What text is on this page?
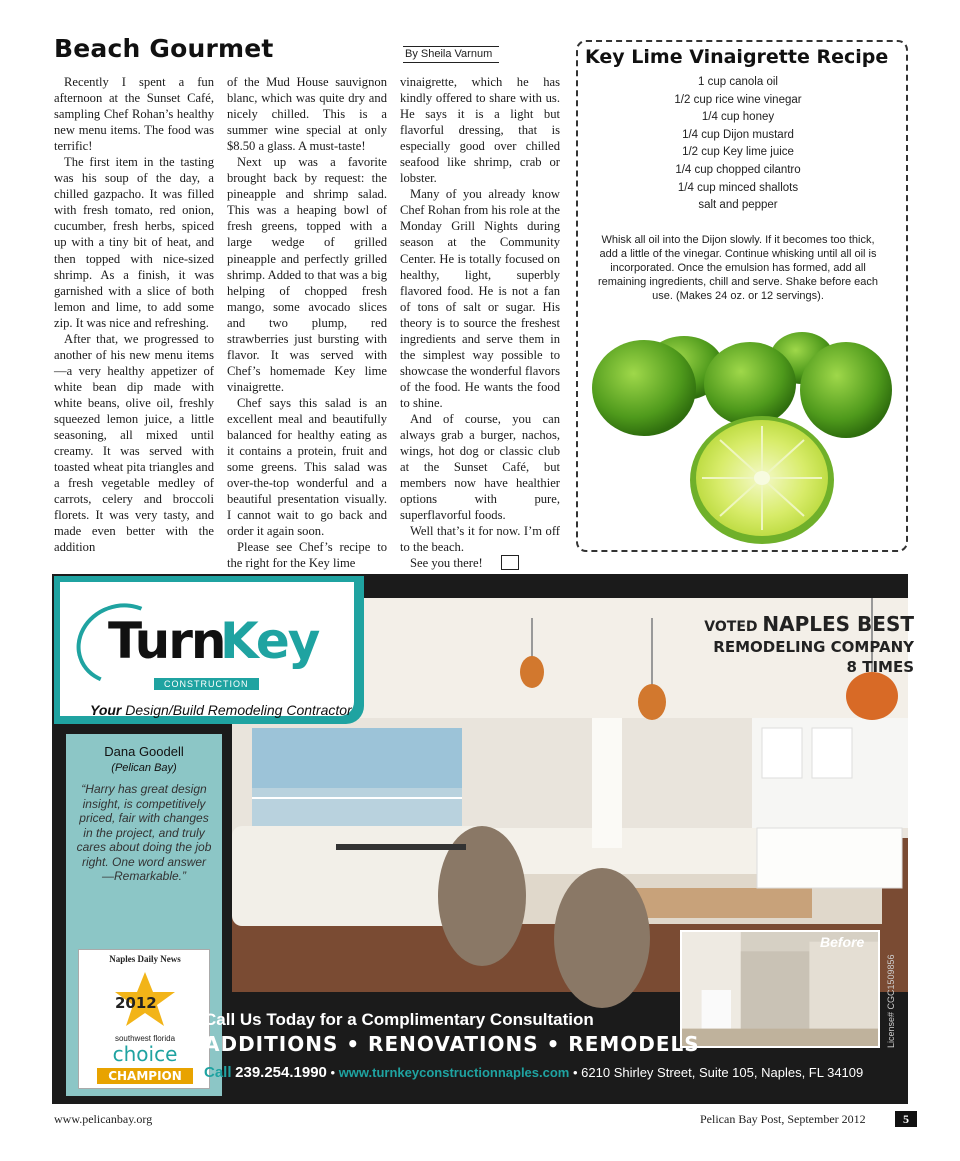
Beach Gourmet	By Sheila Varnum

Recently I spent a fun afternoon at the Sunset Café, sampling Chef Rohan’s healthy new menu items. The food was terrific!

The first item in the tasting was his soup of the day, a chilled gazpacho. It was filled with fresh tomato, red onion, cucumber, fresh herbs, spiced up with a tiny bit of heat, and then topped with nice-sized shrimp. As a finish, it was garnished with a slice of both lemon and lime, to add some zip. It was nice and refreshing.

After that, we progressed to another of his new menu items—a very healthy appetizer of white bean dip made with white beans, olive oil, freshly squeezed lemon juice, a little seasoning, all mixed until creamy. It was served with toasted wheat pita triangles and a fresh vegetable medley of carrots, celery and broccoli florets. It was very tasty, and made even better with the addition

of the Mud House sauvignon blanc, which was quite dry and nicely chilled. This is a summer wine special at only $8.50 a glass. A must-taste!

Next up was a favorite brought back by request: the pineapple and shrimp salad. This was a heaping bowl of fresh greens, topped with a large wedge of grilled pineapple and perfectly grilled shrimp. Added to that was a big helping of chopped fresh mango, some avocado slices and two plump, red strawberries just bursting with flavor. It was served with Chef’s homemade Key lime vinaigrette.

Chef says this salad is an excellent meal and beautifully balanced for healthy eating as it contains a protein, fruit and some greens. This salad was over-the-top wonderful and a beautiful presentation visually. I cannot wait to go back and order it again soon.

Please see Chef’s recipe to the right for the Key lime

vinaigrette, which he has kindly offered to share with us. He says it is a light but flavorful dressing, that is especially good over chilled seafood like shrimp, crab or lobster.

Many of you already know Chef Rohan from his role at the Monday Grill Nights during season at the Community Center. He is totally focused on healthy, light, superbly flavored food. He is not a fan of tons of salt or sugar. His theory is to source the freshest ingredients and serve them in the simplest way possible to showcase the wonderful flavors of the food. He wants the food to shine.

And of course, you can always grab a burger, nachos, wings, hot dog or classic club at the Sunset Café, but members now have healthier options with pure, superflavorful foods.

Well that’s it for now. I’m off to the beach.

See you there!

Key Lime Vinaigrette Recipe
1 cup canola oil
1/2 cup rice wine vinegar
1/4 cup honey
1/4 cup Dijon mustard
1/2 cup Key lime juice
1/4 cup chopped cilantro
1/4 cup minced shallots
salt and pepper
Whisk all oil into the Dijon slowly. If it becomes too thick, add a little of the vinegar. Continue whisking until all oil is incorporated. Once the emulsion has formed, add all remaining ingredients, chill and serve. Shake before each use. (Makes 24 oz. or 12 servings).
Turn
Key
CONSTRUCTION
Your Design/Build Remodeling Contractor
Dana Goodell
(Pelican Bay)
“Harry has great design insight, is competitively priced, fair with changes in the project, and truly cares about doing the job right. One word answer—Remarkable.”
Naples Daily News
2012
southwest florida
choice
CHAMPION
VOTED NAPLES BEST
REMODELING COMPANY
8 TIMES
Before
License# CGC1509856
Call Us Today for a Complimentary Consultation
ADDITIONS • RENOVATIONS • REMODELS
Call 239.254.1990 • www.turnkeyconstructionnaples.com • 6210 Shirley Street, Suite 105, Naples, FL 34109
www.pelicanbay.org	Pelican Bay Post, September 2012	5
